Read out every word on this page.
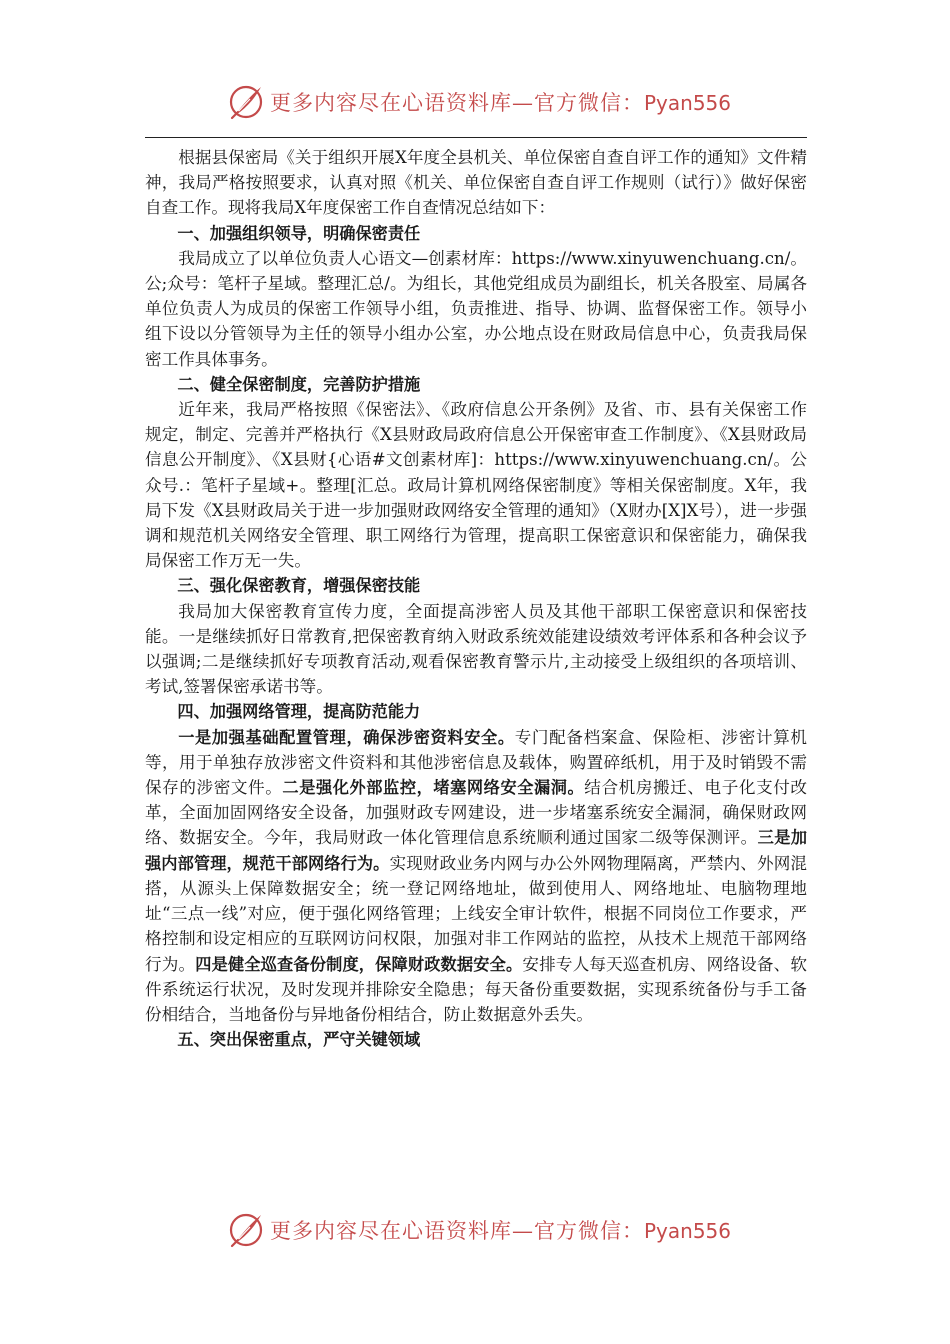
更多内容尽在心语资料库—官方微信：Pyan556

根据县保密局《关于组织开展X年度全县机关、单位保密自查自评工作的通知》文件精神，我局严格按照要求，认真对照《机关、单位保密自查自评工作规则（试行）》做好保密自查工作。现将我局X年度保密工作自查情况总结如下：

一、加强组织领导，明确保密责任

我局成立了以单位负责人心语文—创素材库：https://www.xinyuwenchuang.cn/。公;众号：笔杆子星域。整理汇总/。为组长，其他党组成员为副组长，机关各股室、局属各单位负责人为成员的保密工作领导小组，负责推进、指导、协调、监督保密工作。领导小组下设以分管领导为主任的领导小组办公室，办公地点设在财政局信息中心，负责我局保密工作具体事务。

二、健全保密制度，完善防护措施

近年来，我局严格按照《保密法》、《政府信息公开条例》及省、市、县有关保密工作规定，制定、完善并严格执行《X县财政局政府信息公开保密审查工作制度》、《X县财政局信息公开制度》、《X县财{心语#文创素材库]：https://www.xinyuwenchuang.cn/。公众号.：笔杆子星域+。整理[汇总。政局计算机网络保密制度》等相关保密制度。X年，我局下发《X县财政局关于进一步加强财政网络安全管理的通知》（X财办[X]X号），进一步强调和规范机关网络安全管理、职工网络行为管理，提高职工保密意识和保密能力，确保我局保密工作万无一失。

三、强化保密教育，增强保密技能

我局加大保密教育宣传力度，全面提高涉密人员及其他干部职工保密意识和保密技能。一是继续抓好日常教育,把保密教育纳入财政系统效能建设绩效考评体系和各种会议予以强调;二是继续抓好专项教育活动,观看保密教育警示片,主动接受上级组织的各项培训、考试,签署保密承诺书等。

四、加强网络管理，提高防范能力

一是加强基础配置管理，确保涉密资料安全。专门配备档案盒、保险柜、涉密计算机等，用于单独存放涉密文件资料和其他涉密信息及载体，购置碎纸机，用于及时销毁不需保存的涉密文件。二是强化外部监控，堵塞网络安全漏洞。结合机房搬迁、电子化支付改革，全面加固网络安全设备，加强财政专网建设，进一步堵塞系统安全漏洞，确保财政网络、数据安全。今年，我局财政一体化管理信息系统顺利通过国家二级等保测评。三是加强内部管理，规范干部网络行为。实现财政业务内网与办公外网物理隔离，严禁内、外网混搭，从源头上保障数据安全；统一登记网络地址，做到使用人、网络地址、电脑物理地址“三点一线”对应，便于强化网络管理；上线安全审计软件，根据不同岗位工作要求，严格控制和设定相应的互联网访问权限，加强对非工作网站的监控，从技术上规范干部网络行为。四是健全巡查备份制度，保障财政数据安全。安排专人每天巡查机房、网络设备、软件系统运行状况，及时发现并排除安全隐患；每天备份重要数据，实现系统备份与手工备份相结合，当地备份与异地备份相结合，防止数据意外丢失。

五、突出保密重点，严守关键领域

更多内容尽在心语资料库—官方微信：Pyan556
